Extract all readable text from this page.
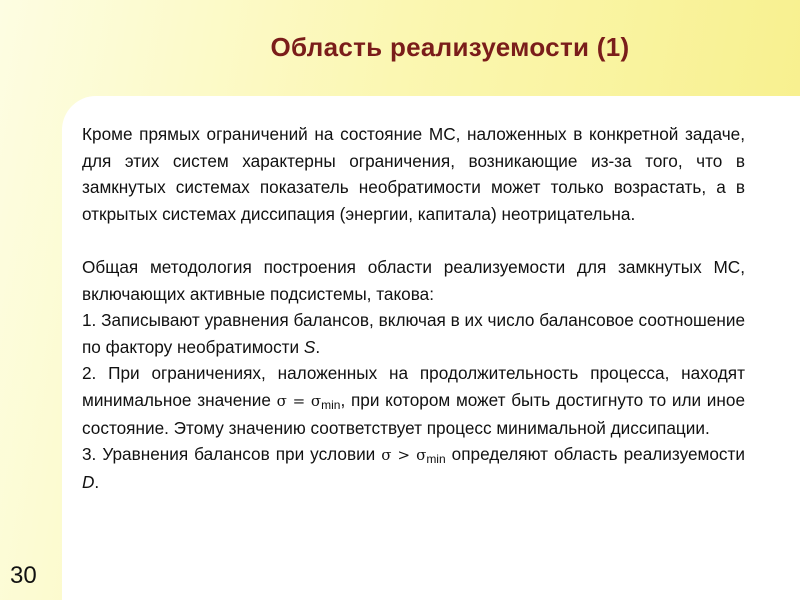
Область реализуемости (1)

Кроме прямых ограничений на состояние МС, наложенных в конкретной задаче, для этих систем характерны ограничения, возникающие из-за того, что в замкнутых системах показатель необратимости может только возрастать, а в открытых системах диссипация (энергии, капитала) неотрицательна.

Общая методология построения области реализуемости для замкнутых МС, включающих активные подсистемы, такова:

1. Записывают уравнения балансов, включая в их число балансовое соотношение по фактору необратимости S.

2. При ограничениях, наложенных на продолжительность процесса, находят минимальное значение $\sigma = \sigma_{min}$, при котором может быть достигнуто то или иное состояние. Этому значению соответствует процесс минимальной диссипации.

3. Уравнения балансов при условии $\sigma > \sigma_{min}$ определяют область реализуемости D.

30
